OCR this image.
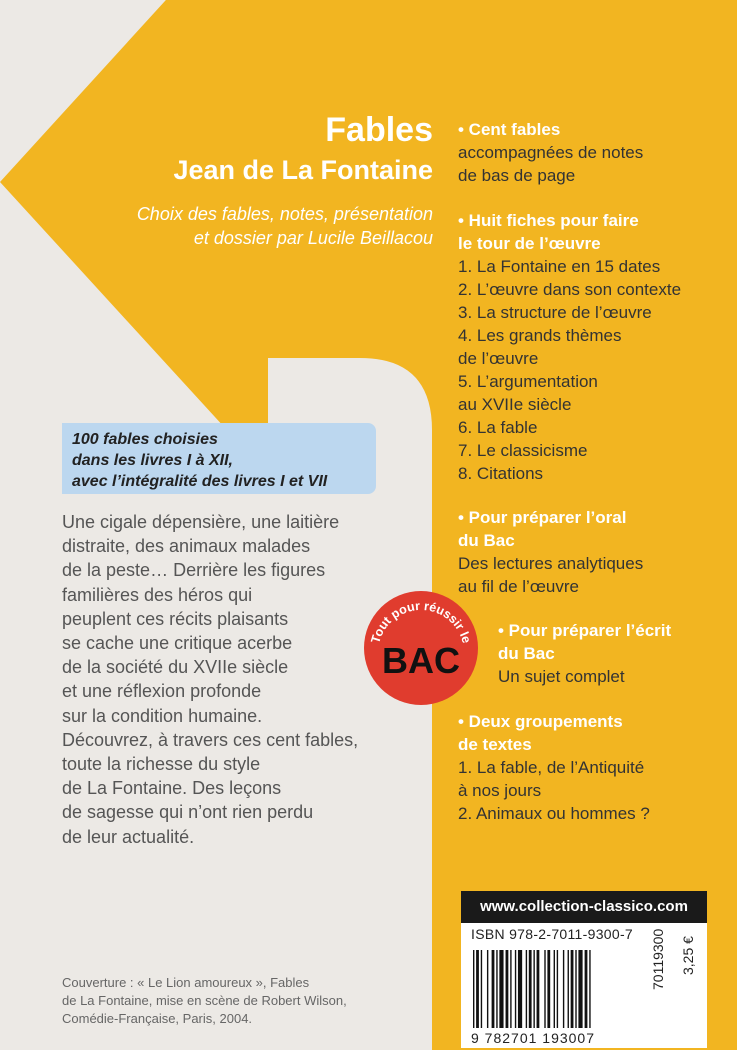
Fables
Jean de La Fontaine
Choix des fables, notes, présentation
et dossier par Lucile Beillacou
• Cent fables
accompagnées de notes
de bas de page
• Huit fiches pour faire
le tour de l’œuvre
1. La Fontaine en 15 dates
2. L’œuvre dans son contexte
3. La structure de l’œuvre
4. Les grands thèmes
de l’œuvre
5. L’argumentation
au XVIIe siècle
6. La fable
7. Le classicisme
8. Citations
• Pour préparer l’oral
du Bac
Des lectures analytiques
au fil de l’œuvre
• Pour préparer l’écrit
du Bac
Un sujet complet
• Deux groupements
de textes
1. La fable, de l’Antiquité
à nos jours
2. Animaux ou hommes ?
100 fables choisies
dans les livres I à XII,
avec l’intégralité des livres I et VII
Une cigale dépensière, une laitière
distraite, des animaux malades
de la peste… Derrière les figures
familières des héros qui
peuplent ces récits plaisants
se cache une critique acerbe
de la société du XVIIe siècle
et une réflexion profonde
sur la condition humaine.
Découvrez, à travers ces cent fables,
toute la richesse du style
de La Fontaine. Des leçons
de sagesse qui n’ont rien perdu
de leur actualité.
Tout pour réussir le
BAC
www.collection-classico.com
ISBN 978-2-7011-9300-7
9 782701 193007
70119300 3,25 €
Couverture : « Le Lion amoureux », Fables
de La Fontaine, mise en scène de Robert Wilson,
Comédie-Française, Paris, 2004.
